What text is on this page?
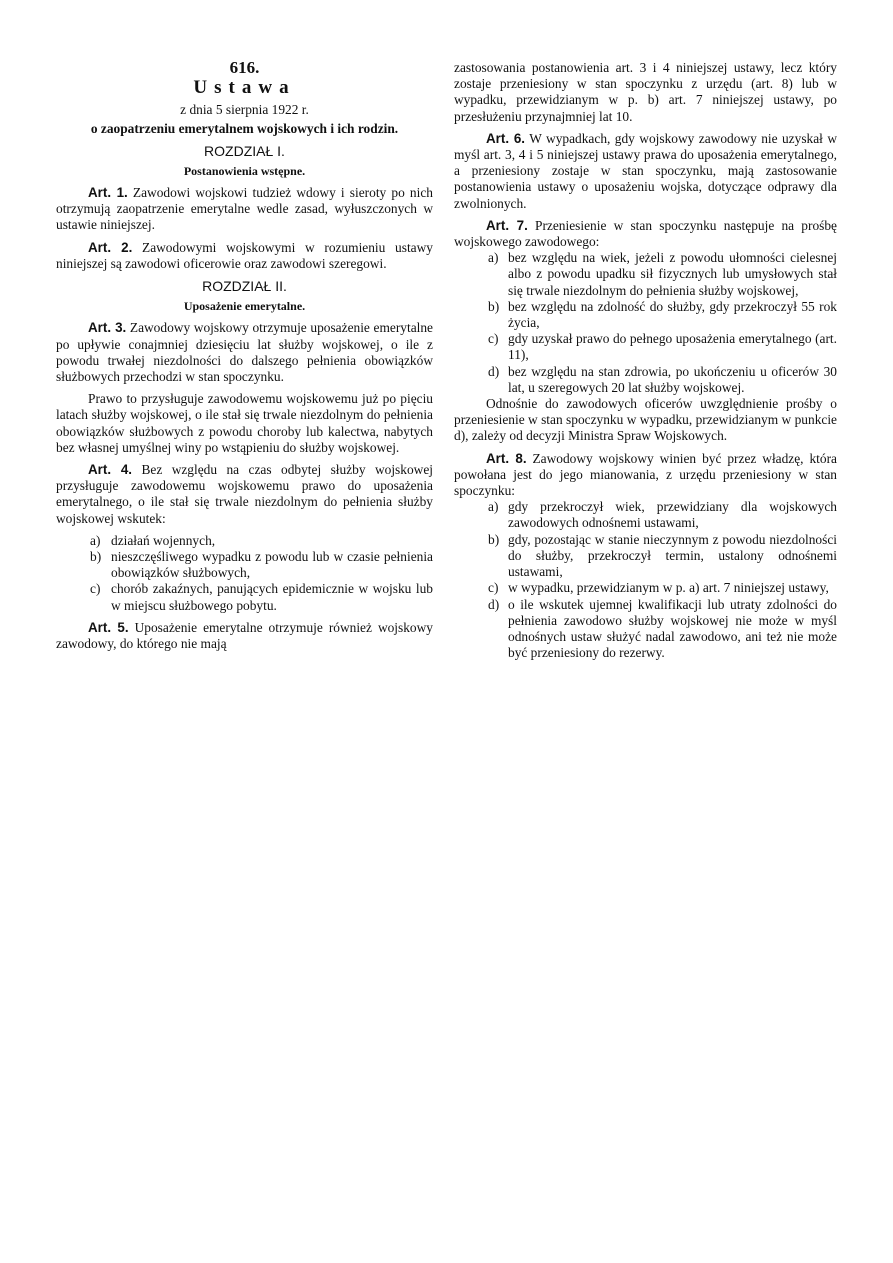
616.
Ustawa
z dnia 5 sierpnia 1922 r.
o zaopatrzeniu emerytalnem wojskowych i ich rodzin.
ROZDZIAŁ I.
Postanowienia wstępne.

Art. 1. Zawodowi wojskowi tudzież wdowy i sieroty po nich otrzymują zaopatrzenie emerytalne wedle zasad, wyłuszczonych w ustawie niniejszej.

Art. 2. Zawodowymi wojskowymi w rozumieniu ustawy niniejszej są zawodowi oficerowie oraz zawodowi szeregowi.

ROZDZIAŁ II.
Uposażenie emerytalne.

Art. 3. Zawodowy wojskowy otrzymuje uposażenie emerytalne po upływie conajmniej dziesięciu lat służby wojskowej, o ile z powodu trwałej niezdolności do dalszego pełnienia obowiązków służbowych przechodzi w stan spoczynku.

Prawo to przysługuje zawodowemu wojskowemu już po pięciu latach służby wojskowej, o ile stał się trwale niezdolnym do pełnienia obowiązków służbowych z powodu choroby lub kalectwa, nabytych bez własnej umyślnej winy po wstąpieniu do służby wojskowej.

Art. 4. Bez względu na czas odbytej służby wojskowej przysługuje zawodowemu wojskowemu prawo do uposażenia emerytalnego, o ile stał się trwale niezdolnym do pełnienia służby wojskowej wskutek:

a) działań wojennych,
b) nieszczęśliwego wypadku z powodu lub w czasie pełnienia obowiązków służbowych,
c) chorób zakaźnych, panujących epidemicznie w wojsku lub w miejscu służbowego pobytu.

Art. 5. Uposażenie emerytalne otrzymuje również wojskowy zawodowy, do którego nie mają

zastosowania postanowienia art. 3 i 4 niniejszej ustawy, lecz który zostaje przeniesiony w stan spoczynku z urzędu (art. 8) lub w wypadku, przewidzianym w p. b) art. 7 niniejszej ustawy, po przesłużeniu przynajmniej lat 10.

Art. 6. W wypadkach, gdy wojskowy zawodowy nie uzyskał w myśl art. 3, 4 i 5 niniejszej ustawy prawa do uposażenia emerytalnego, a przeniesiony zostaje w stan spoczynku, mają zastosowanie postanowienia ustawy o uposażeniu wojska, dotyczące odprawy dla zwolnionych.

Art. 7. Przeniesienie w stan spoczynku następuje na prośbę wojskowego zawodowego:

a) bez względu na wiek, jeżeli z powodu ułomności cielesnej albo z powodu upadku sił fizycznych lub umysłowych stał się trwale niezdolnym do pełnienia służby wojskowej,
b) bez względu na zdolność do służby, gdy przekroczył 55 rok życia,
c) gdy uzyskał prawo do pełnego uposażenia emerytalnego (art. 11),
d) bez względu na stan zdrowia, po ukończeniu u oficerów 30 lat, u szeregowych 20 lat służby wojskowej.

Odnośnie do zawodowych oficerów uwzględnienie prośby o przeniesienie w stan spoczynku w wypadku, przewidzianym w punkcie d), zależy od decyzji Ministra Spraw Wojskowych.

Art. 8. Zawodowy wojskowy winien być przez władzę, która powołana jest do jego mianowania, z urzędu przeniesiony w stan spoczynku:

a) gdy przekroczył wiek, przewidziany dla wojskowych zawodowych odnośnemi ustawami,
b) gdy, pozostając w stanie nieczynnym z powodu niezdolności do służby, przekroczył termin, ustalony odnośnemi ustawami,
c) w wypadku, przewidzianym w p. a) art. 7 niniejszej ustawy,
d) o ile wskutek ujemnej kwalifikacji lub utraty zdolności do pełnienia zawodowo służby wojskowej nie może w myśl odnośnych ustaw służyć nadal zawodowo, ani też nie może być przeniesiony do rezerwy.
